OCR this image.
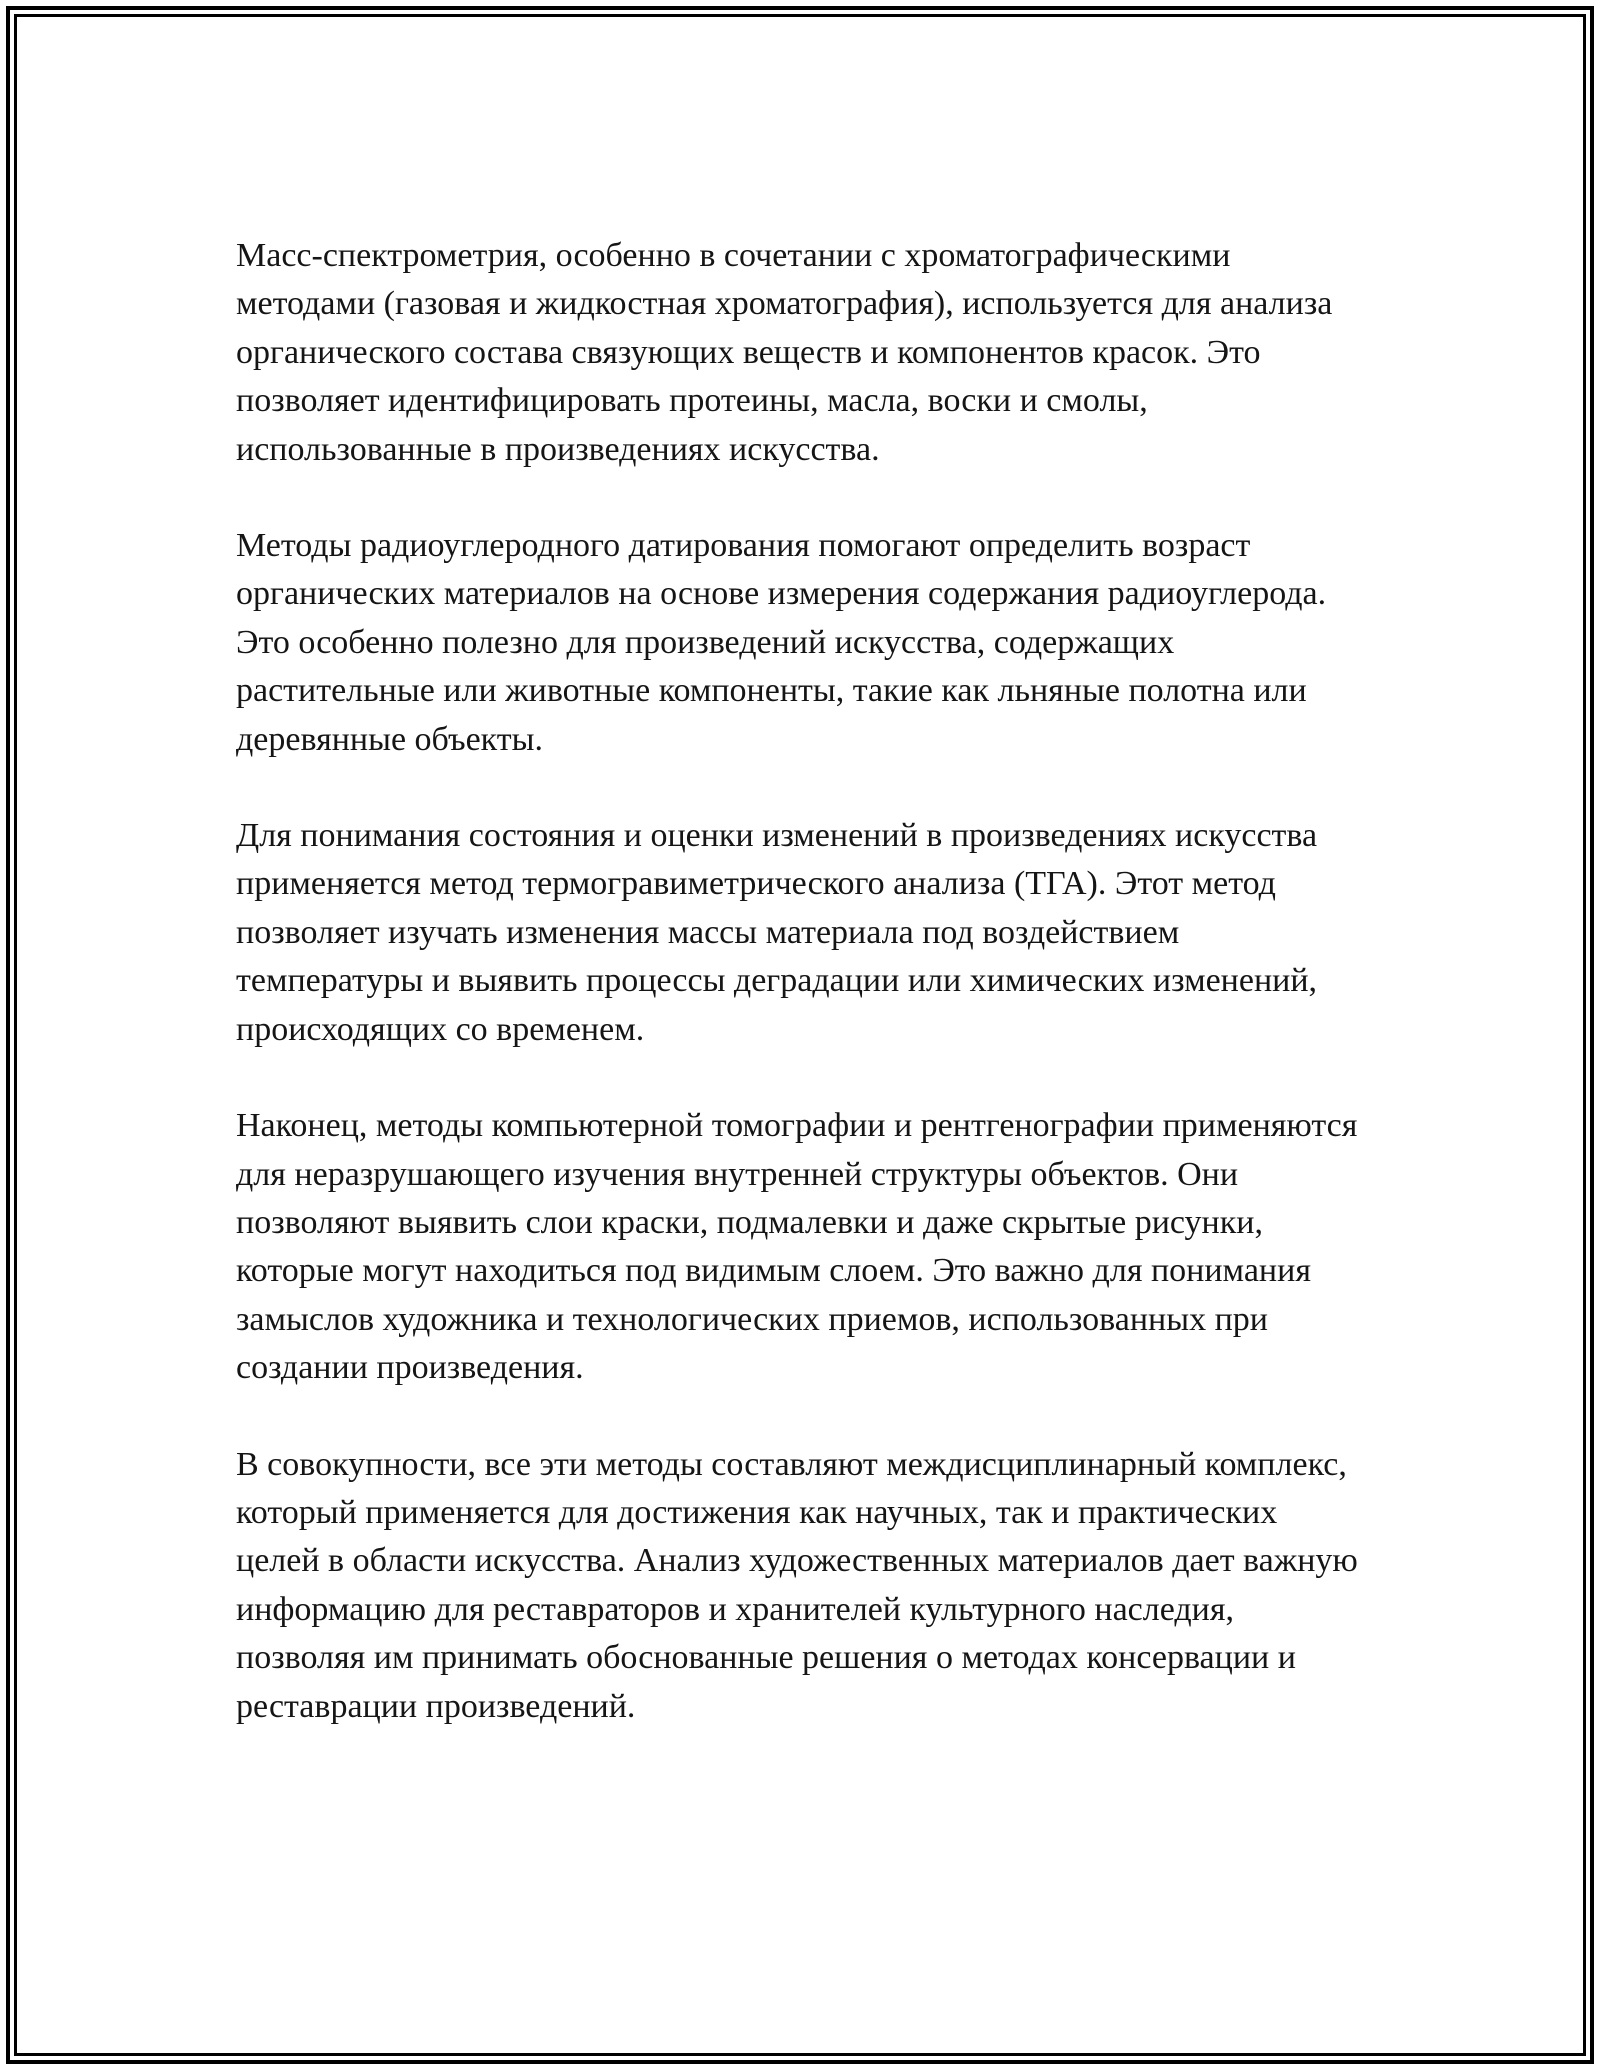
Масс-спектрометрия, особенно в сочетании с хроматографическими методами (газовая и жидкостная хроматография), используется для анализа органического состава связующих веществ и компонентов красок. Это позволяет идентифицировать протеины, масла, воски и смолы, использованные в произведениях искусства.

Методы радиоуглеродного датирования помогают определить возраст органических материалов на основе измерения содержания радиоуглерода. Это особенно полезно для произведений искусства, содержащих растительные или животные компоненты, такие как льняные полотна или деревянные объекты.

Для понимания состояния и оценки изменений в произведениях искусства применяется метод термогравиметрического анализа (ТГА). Этот метод позволяет изучать изменения массы материала под воздействием температуры и выявить процессы деградации или химических изменений, происходящих со временем.

Наконец, методы компьютерной томографии и рентгенографии применяются для неразрушающего изучения внутренней структуры объектов. Они позволяют выявить слои краски, подмалевки и даже скрытые рисунки, которые могут находиться под видимым слоем. Это важно для понимания замыслов художника и технологических приемов, использованных при создании произведения.

В совокупности, все эти методы составляют междисциплинарный комплекс, который применяется для достижения как научных, так и практических целей в области искусства. Анализ художественных материалов дает важную информацию для реставраторов и хранителей культурного наследия, позволяя им принимать обоснованные решения о методах консервации и реставрации произведений.
